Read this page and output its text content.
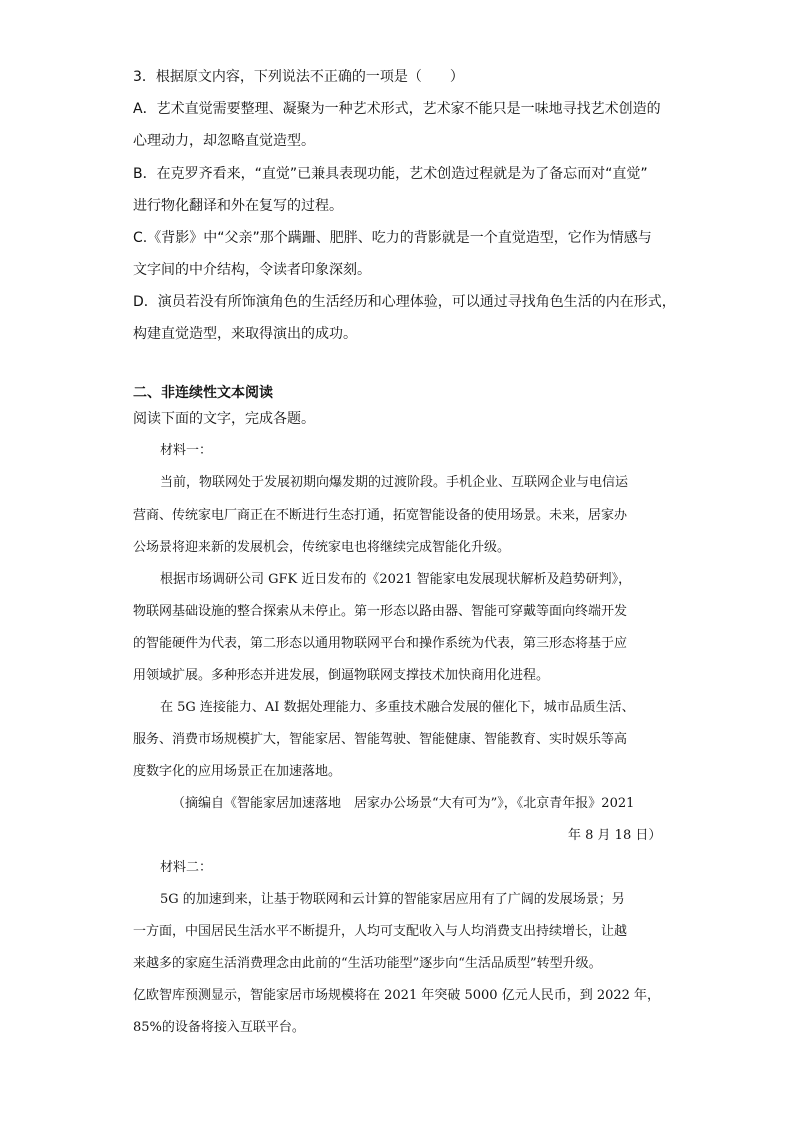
3．根据原文内容，下列说法不正确的一项是（　　）
A．艺术直觉需要整理、凝聚为一种艺术形式，艺术家不能只是一味地寻找艺术创造的
心理动力，却忽略直觉造型。
B．在克罗齐看来，“直觉”已兼具表现功能，艺术创造过程就是为了备忘而对“直觉”
进行物化翻译和外在复写的过程。
C.《背影》中“父亲”那个蹒跚、肥胖、吃力的背影就是一个直觉造型，它作为情感与
文字间的中介结构，令读者印象深刻。
D．演员若没有所饰演角色的生活经历和心理体验，可以通过寻找角色生活的内在形式，
构建直觉造型，来取得演出的成功。
二、非连续性文本阅读
阅读下面的文字，完成各题。
材料一：
当前，物联网处于发展初期向爆发期的过渡阶段。手机企业、互联网企业与电信运
营商、传统家电厂商正在不断进行生态打通，拓宽智能设备的使用场景。未来，居家办
公场景将迎来新的发展机会，传统家电也将继续完成智能化升级。
根据市场调研公司 GFK 近日发布的《2021 智能家电发展现状解析及趋势研判》，
物联网基础设施的整合探索从未停止。第一形态以路由器、智能可穿戴等面向终端开发
的智能硬件为代表，第二形态以通用物联网平台和操作系统为代表，第三形态将基于应
用领域扩展。多种形态并进发展，倒逼物联网支撑技术加快商用化进程。
在 5G 连接能力、AI 数据处理能力、多重技术融合发展的催化下，城市品质生活、
服务、消费市场规模扩大，智能家居、智能驾驶、智能健康、智能教育、实时娱乐等高
度数字化的应用场景正在加速落地。
（摘编自《智能家居加速落地　居家办公场景“大有可为”》，《北京青年报》2021
年 8 月 18 日）
材料二：
5G 的加速到来，让基于物联网和云计算的智能家居应用有了广阔的发展场景；另
一方面，中国居民生活水平不断提升，人均可支配收入与人均消费支出持续增长，让越
来越多的家庭生活消费理念由此前的“生活功能型”逐步向“生活品质型”转型升级。
亿欧智库预测显示，智能家居市场规模将在 2021 年突破 5000 亿元人民币，到 2022 年，
85%的设备将接入互联平台。
